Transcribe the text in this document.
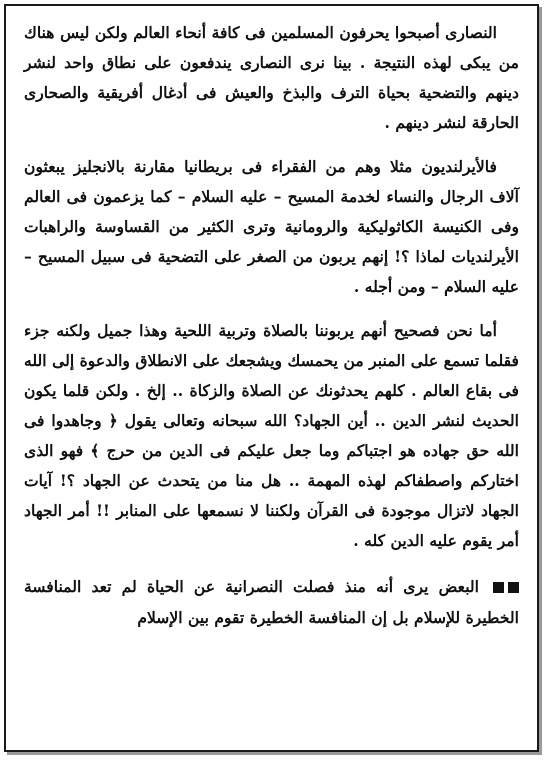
النصارى أصبحوا يحرفون المسلمين فى كافة أنحاء العالم ولكن ليس هناك من يبكى لهذه النتيجة . بينا نرى النصارى يندفعون على نطاق واحد لنشر دينهم والتضحية بحياة الترف والبذخ والعيش فى أدغال أفريقية والصحارى الحارقة لنشر دينهم .

فالأيرلنديون مثلا وهم من الفقراء فى بريطانيا مقارنة بالانجليز يبعثون آلاف الرجال والنساء لخدمة المسيح – عليه السلام – كما يزعمون فى العالم وفى الكنيسة الكاثوليكية والرومانية وترى الكثير من القساوسة والراهبات الأيرلنديات لماذا ؟! إنهم يربون من الصغر على التضحية فى سبيل المسيح – عليه السلام – ومن أجله .

أما نحن فصحيح أنهم يربوننا بالصلاة وتربية اللحية وهذا جميل ولكنه جزء فقلما تسمع على المنبر من يحمسك ويشجعك على الانطلاق والدعوة إلى الله فى بقاع العالم . كلهم يحدثونك عن الصلاة والزكاة .. إلخ . ولكن قلما يكون الحديث لنشر الدين .. أين الجهاد؟ الله سبحانه وتعالى يقول ﴿ وجاهدوا فى الله حق جهاده هو اجتباكم وما جعل عليكم فى الدين من حرج ﴾ فهو الذى اختاركم واصطفاكم لهذه المهمة .. هل منا من يتحدث عن الجهاد ؟! آيات الجهاد لاتزال موجودة فى القرآن ولكننا لا نسمعها على المنابر !! أمر الجهاد أمر يقوم عليه الدين كله .

البعض يرى أنه منذ فصلت النصرانية عن الحياة لم تعد المنافسة الخطيرة للإسلام بل إن المنافسة الخطيرة تقوم بين الإسلام
